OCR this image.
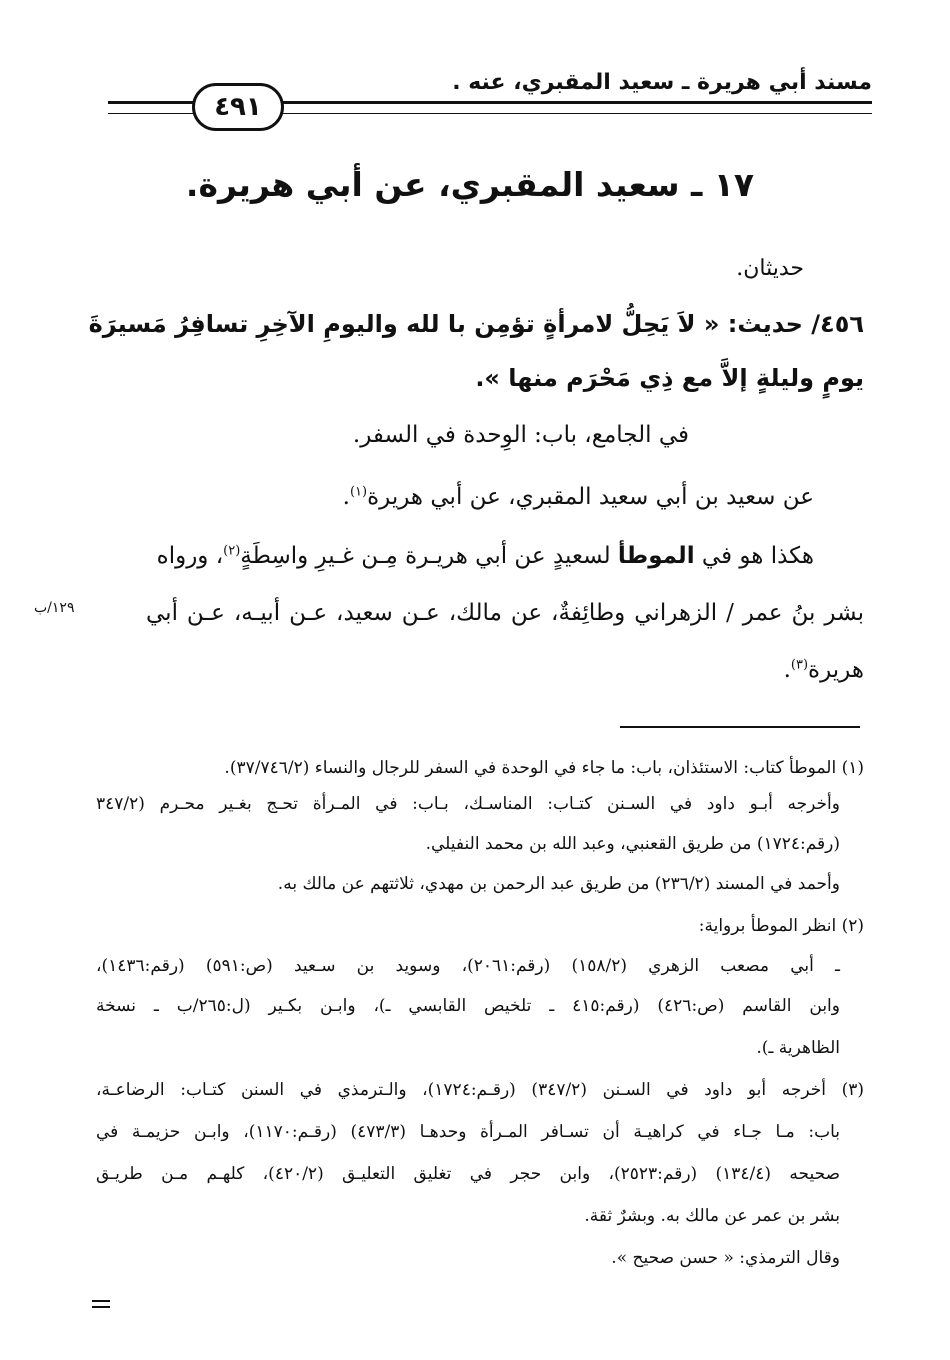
مسند أبي هريرة ـ سعيد المقبري، عنه .
٤٩١
١٧ ـ سعيد المقبري، عن أبي هريرة.
حديثان.
٤٥٦/ حديث: « لاَ يَحِلُّ لامرأةٍ تؤمِن با لله واليومِ الآخِرِ تسافِرُ مَسيرَةَ
يومٍ وليلةٍ إلاَّ مع ذِي مَحْرَم منها ».
في الجامع، باب: الوِحدة في السفر.
عن سعيد بن أبي سعيد المقبري، عن أبي هريرة$^{(١)}$.
هكذا هو في الموطأ لسعيدٍ عن أبي هريـرة مِـن غـيرِ واسِطَةٍ$^{(٢)}$، ورواه
بشر بنُ عمر / الزهراني وطائِفةٌ، عن مالك، عـن سعيد، عـن أبيـه، عـن أبي
هريرة$^{(٣)}$.
١٢٩/ب
(١) الموطأ كتاب: الاستئذان، باب: ما جاء في الوحدة في السفر للرجال والنساء (٣٧/٧٤٦/٢).
وأخرجه أبـو داود في السـنن كتـاب: المناسـك، بـاب: في المـرأة تحـج بغـير محـرم (٣٤٧/٢
(رقم:١٧٢٤) من طريق القعنبي، وعبد الله بن محمد النفيلي.
وأحمد في المسند (٢٣٦/٢) من طريق عبد الرحمن بن مهدي، ثلاثتهم عن مالك به.
(٢) انظر الموطأ برواية:
ـ أبي مصعب الزهري (١٥٨/٢) (رقم:٢٠٦١)، وسويد بن سـعيد (ص:٥٩١) (رقم:١٤٣٦)،
وابن القاسم (ص:٤٢٦) (رقم:٤١٥ ـ تلخيص القابسي ـ)، وابـن بكـير (ل:٢٦٥/ب ـ نسخة
الظاهرية ـ).
(٣) أخرجه أبو داود في السـنن (٣٤٧/٢) (رقـم:١٧٢٤)، والـترمذي في السنن كتـاب: الرضاعـة،
باب: مـا جـاء في كراهيـة أن تسـافر المـرأة وحدهـا (٤٧٣/٣) (رقـم:١١٧٠)، وابـن حزيمـة في
صحيحه (١٣٤/٤) (رقم:٢٥٢٣)، وابن حجر في تغليق التعليـق (٤٢٠/٢)، كلهـم مـن طريـق
بشر بن عمر عن مالك به. وبشرٌ ثقة.
وقال الترمذي: « حسن صحيح ».
